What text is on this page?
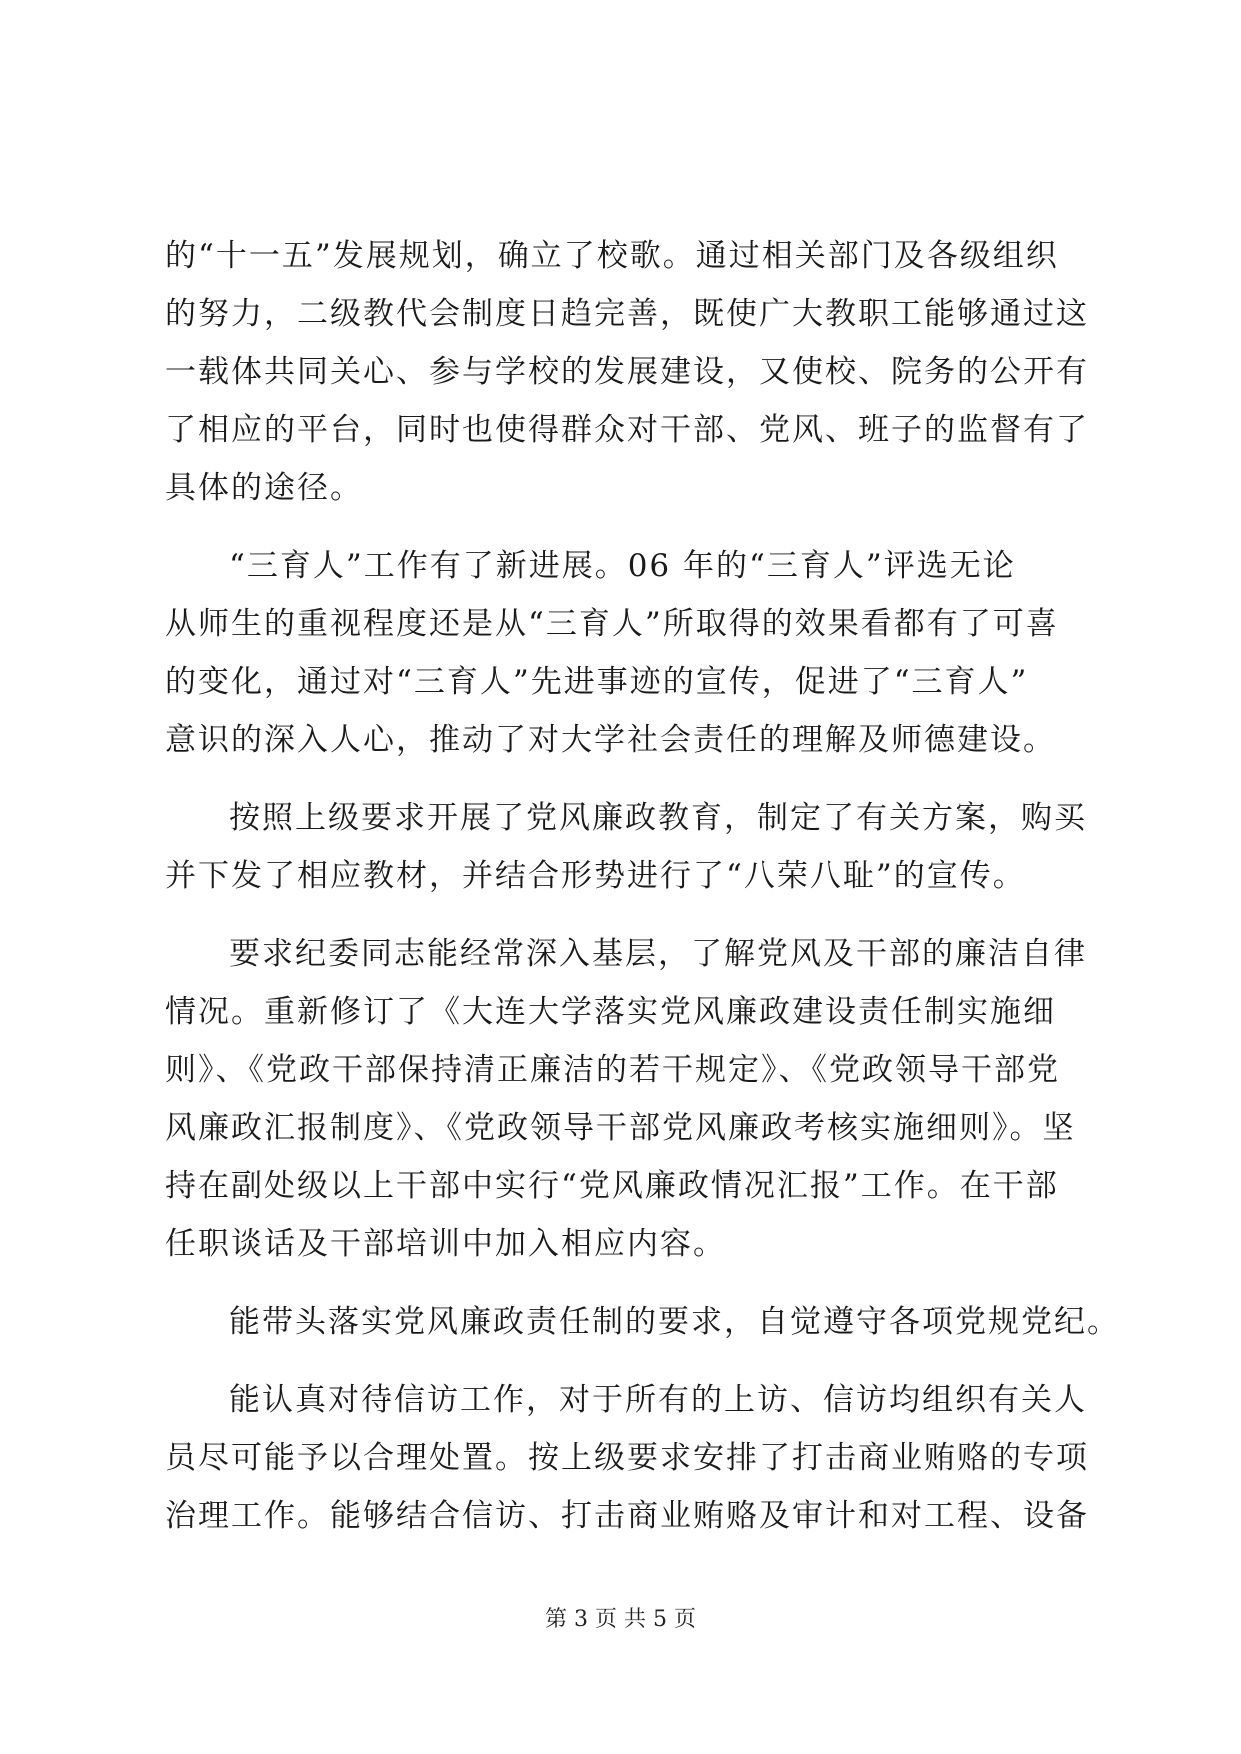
的“十一五”发展规划，确立了校歌。通过相关部门及各级组织
的努力，二级教代会制度日趋完善，既使广大教职工能够通过这
一载体共同关心、参与学校的发展建设，又使校、院务的公开有
了相应的平台，同时也使得群众对干部、党风、班子的监督有了
具体的途径。
“三育人”工作有了新进展。06 年的“三育人”评选无论
从师生的重视程度还是从“三育人”所取得的效果看都有了可喜
的变化，通过对“三育人”先进事迹的宣传，促进了“三育人”
意识的深入人心，推动了对大学社会责任的理解及师德建设。
按照上级要求开展了党风廉政教育，制定了有关方案，购买
并下发了相应教材，并结合形势进行了“八荣八耻”的宣传。
要求纪委同志能经常深入基层，了解党风及干部的廉洁自律
情况。重新修订了《大连大学落实党风廉政建设责任制实施细
则》、《党政干部保持清正廉洁的若干规定》、《党政领导干部党
风廉政汇报制度》、《党政领导干部党风廉政考核实施细则》。坚
持在副处级以上干部中实行“党风廉政情况汇报”工作。在干部
任职谈话及干部培训中加入相应内容。
能带头落实党风廉政责任制的要求，自觉遵守各项党规党纪。
能认真对待信访工作，对于所有的上访、信访均组织有关人
员尽可能予以合理处置。按上级要求安排了打击商业贿赂的专项
治理工作。能够结合信访、打击商业贿赂及审计和对工程、设备
第 3 页 共 5 页
